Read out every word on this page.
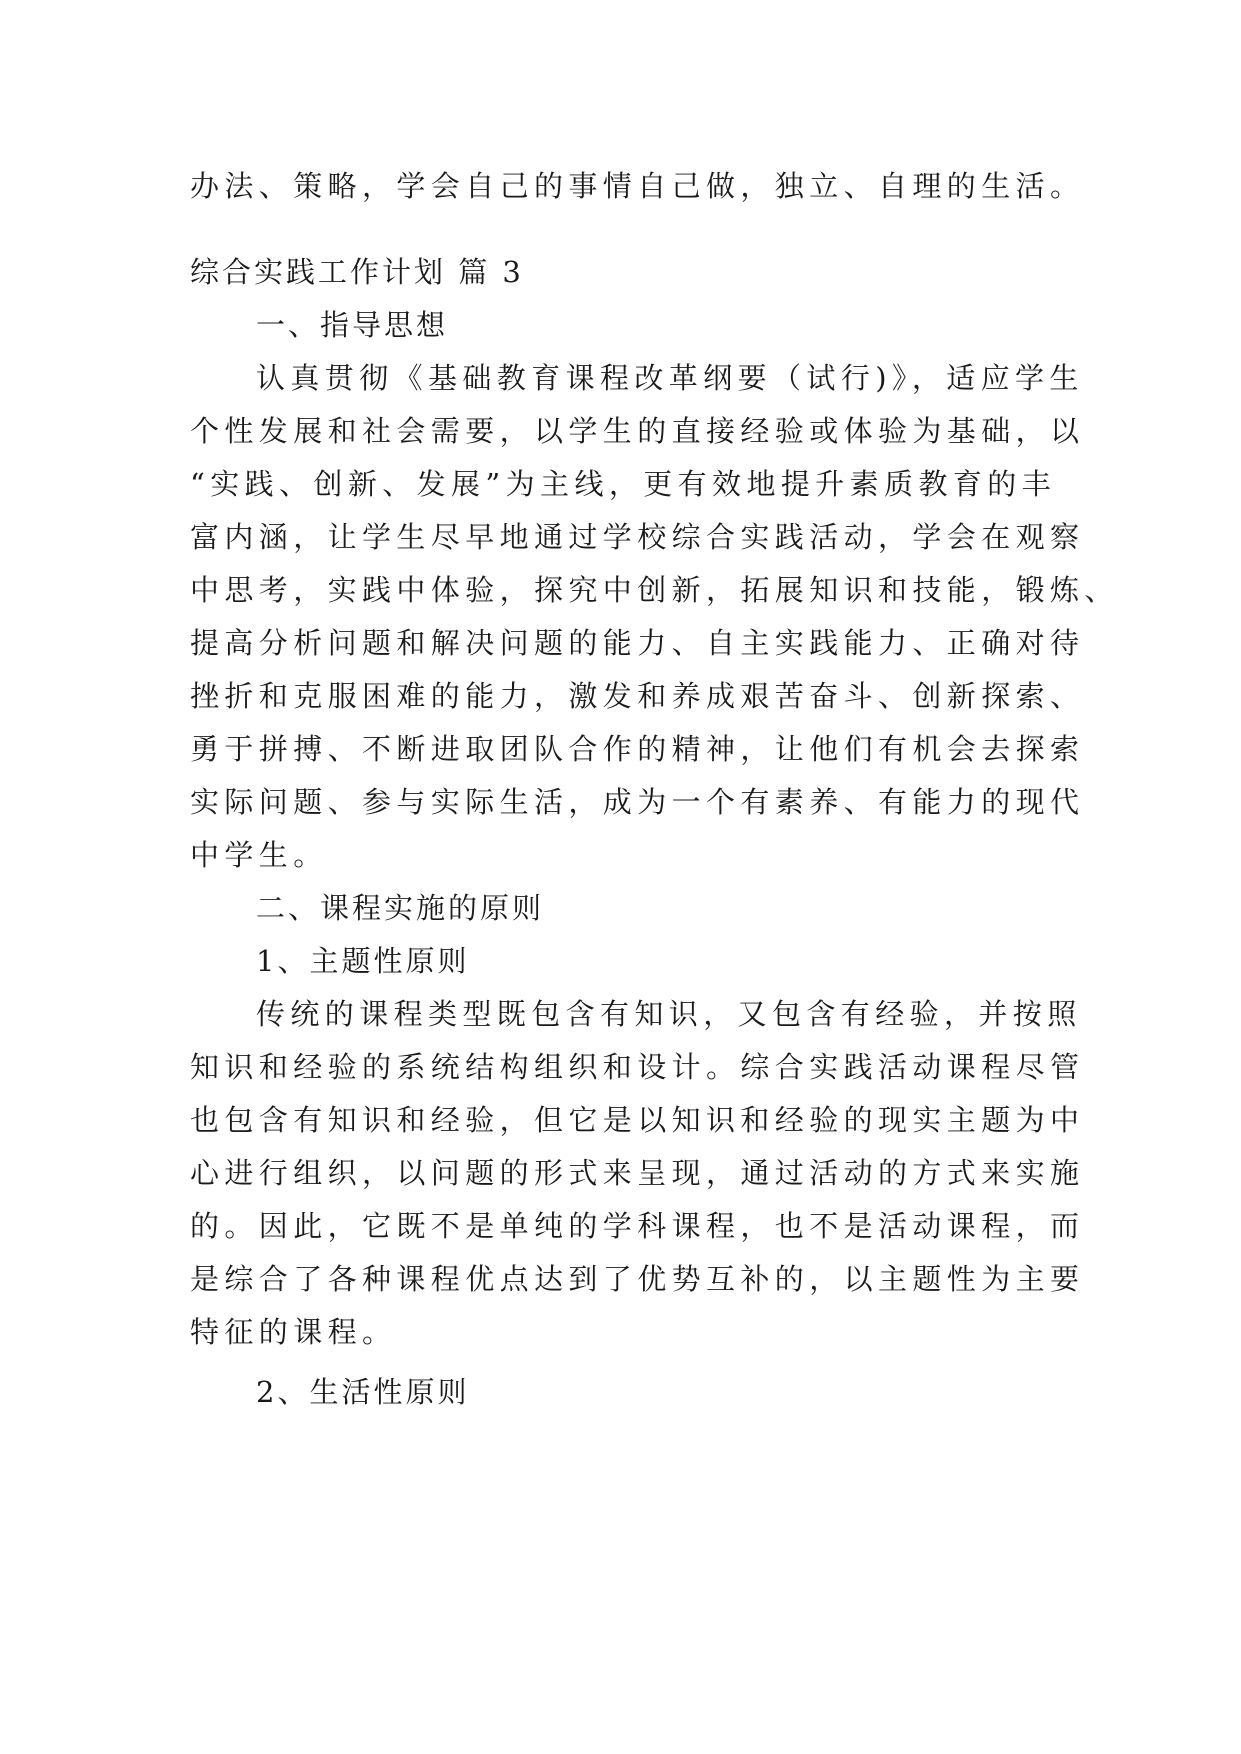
办法、策略，学会自己的事情自己做，独立、自理的生活。
综合实践工作计划 篇 3
一、指导思想
认真贯彻《基础教育课程改革纲要（试行)》，适应学生
个性发展和社会需要，以学生的直接经验或体验为基础，以
“实践、创新、发展”为主线，更有效地提升素质教育的丰
富内涵，让学生尽早地通过学校综合实践活动，学会在观察
中思考，实践中体验，探究中创新，拓展知识和技能，锻炼、
提高分析问题和解决问题的能力、自主实践能力、正确对待
挫折和克服困难的能力，激发和养成艰苦奋斗、创新探索、
勇于拼搏、不断进取团队合作的精神，让他们有机会去探索
实际问题、参与实际生活，成为一个有素养、有能力的现代
中学生。
二、课程实施的原则
1、主题性原则
传统的课程类型既包含有知识，又包含有经验，并按照
知识和经验的系统结构组织和设计。综合实践活动课程尽管
也包含有知识和经验，但它是以知识和经验的现实主题为中
心进行组织，以问题的形式来呈现，通过活动的方式来实施
的。因此，它既不是单纯的学科课程，也不是活动课程，而
是综合了各种课程优点达到了优势互补的，以主题性为主要
特征的课程。
2、生活性原则
